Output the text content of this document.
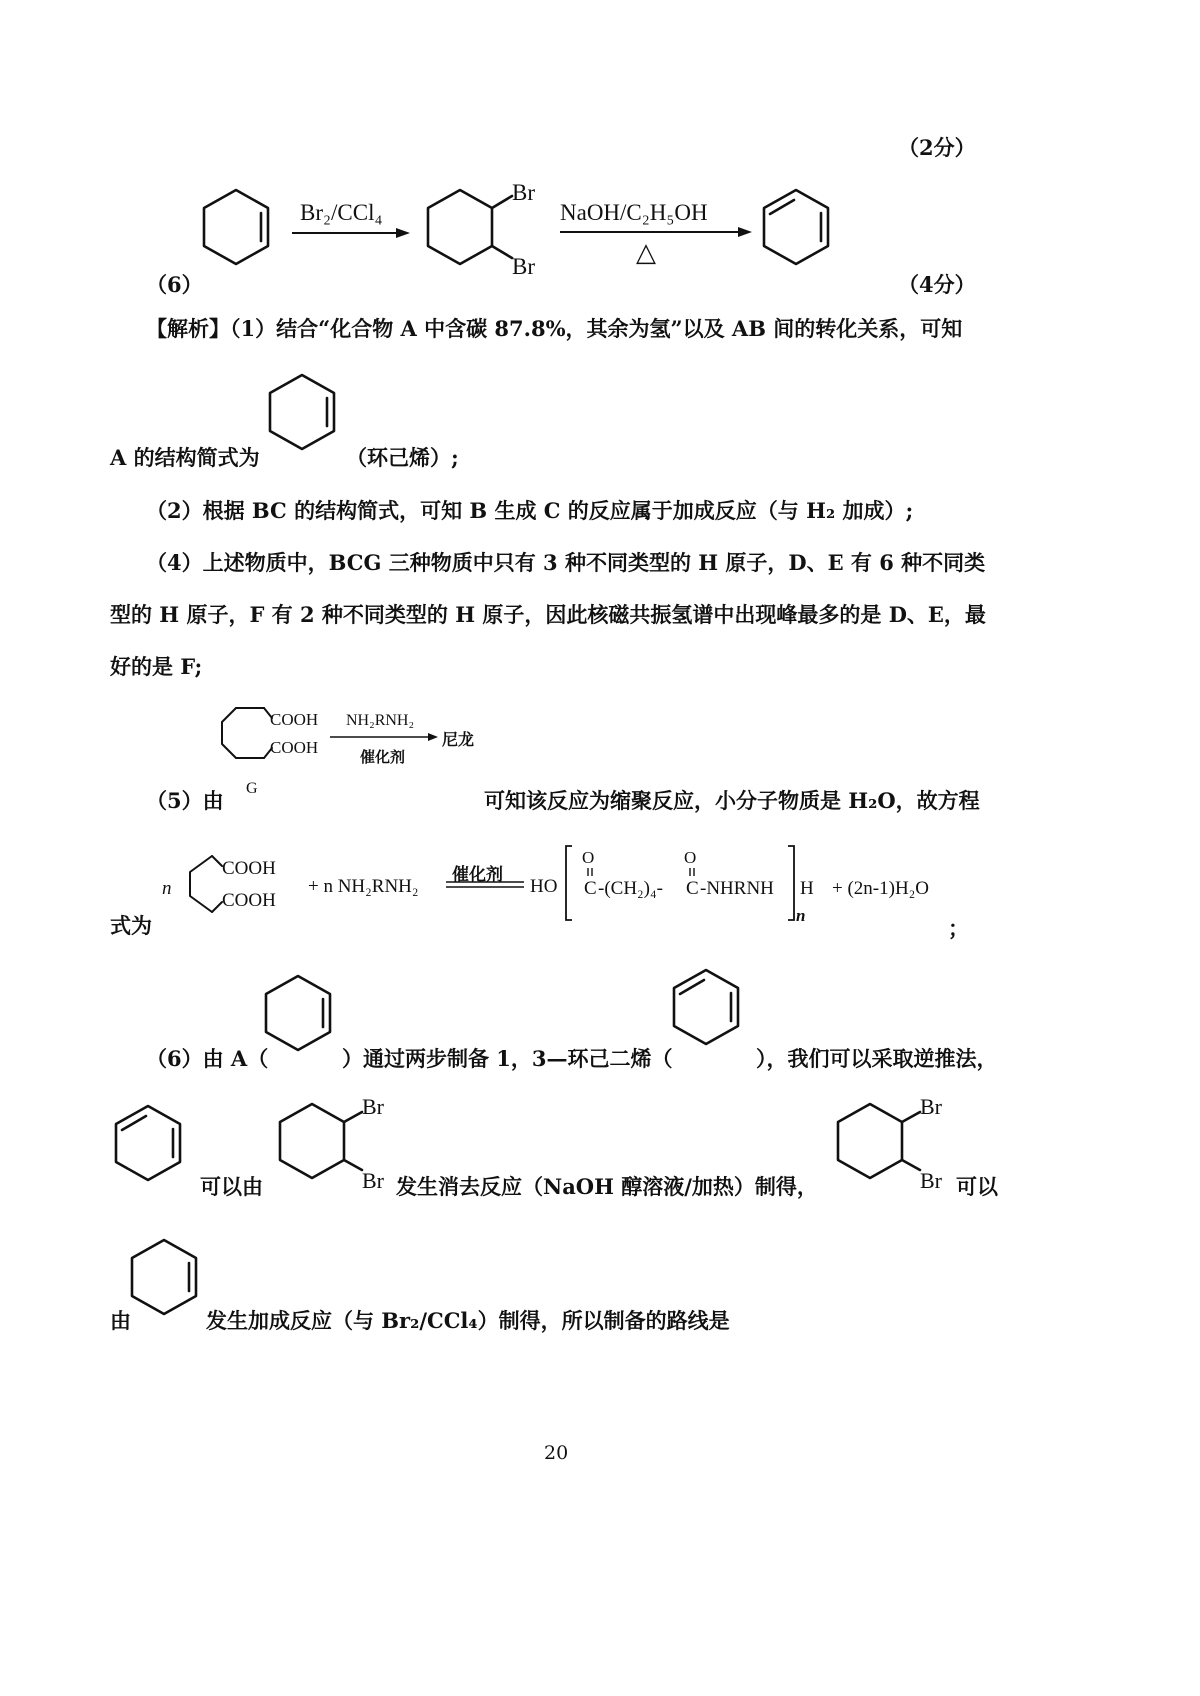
（2分）
Br₂/CCl₄
Br
Br
NaOH/C₂H₅OH
△
（6）	（4分）
【解析】（1）结合“化合物 A 中含碳 87.8%，其余为氢”以及 AB 间的转化关系，可知
A 的结构简式为	（环己烯）;
（2）根据 BC 的结构简式，可知 B 生成 C 的反应属于加成反应（与 H₂ 加成）;
（4）上述物质中，BCG 三种物质中只有 3 种不同类型的 H 原子，D、E 有 6 种不同类
型的 H 原子，F 有 2 种不同类型的 H 原子，因此核磁共振氢谱中出现峰最多的是 D、E，最
好的是 F;
COOH
COOH
NH₂RNH₂
催化剂
尼龙
G
（5）由	可知该反应为缩聚反应，小分子物质是 H₂O，故方程
式为
n
COOH
COOH
+ n NH₂RNH₂
催化剂
HO
O
C -(CH₂)₄-
O
C -NHRNH H
n
+ (2n-1)H₂O
；
（6）由 A（	）通过两步制备 1，3—环己二烯（	），我们可以采取逆推法，
可以由
Br
Br 发生消去反应（NaOH 醇溶液/加热）制得，
Br
Br 可以
由	发生加成反应（与 Br₂/CCl₄）制得，所以制备的路线是
20
